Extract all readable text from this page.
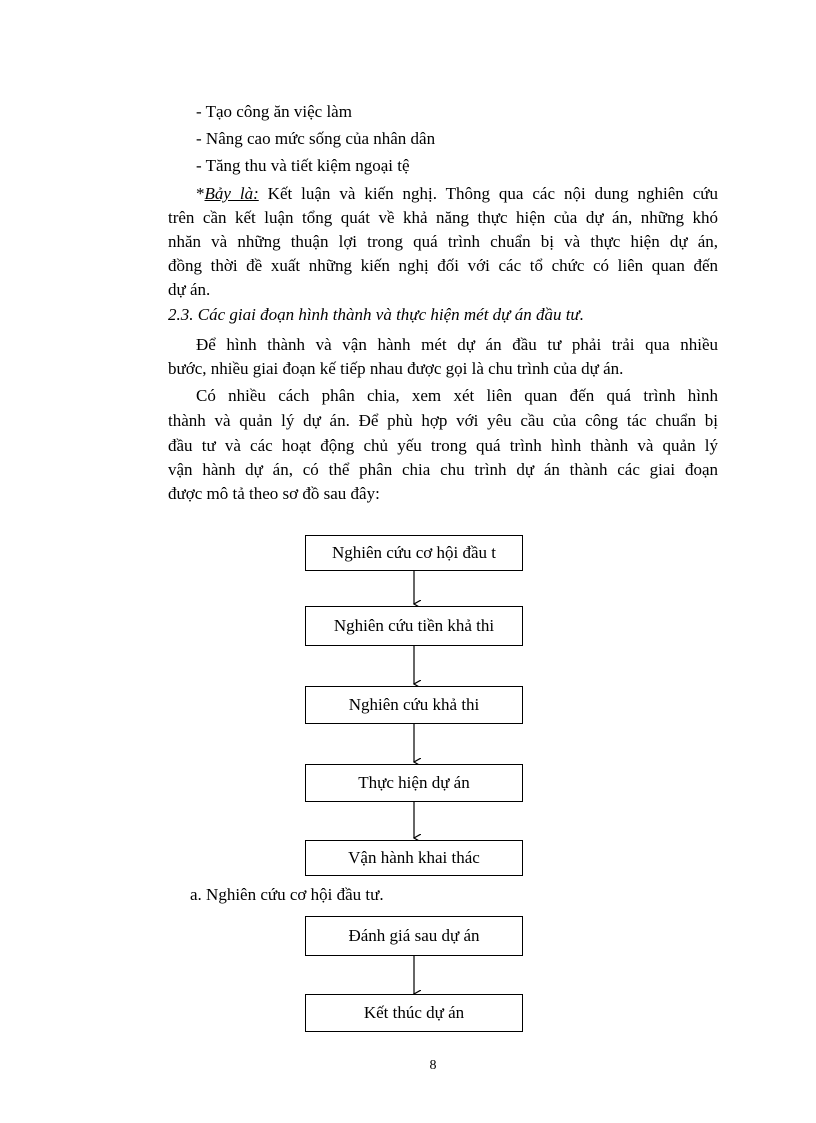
- Tạo công ăn việc làm
- Nâng cao mức sống của nhân dân
- Tăng thu và tiết kiệm ngoại tệ
*Bảy là: Kết luận và kiến nghị. Thông qua các nội dung nghiên cứu
trên cần kết luận tổng quát về khả năng thực hiện của dự án, những khó
nhăn và những thuận lợi trong quá trình chuẩn bị và thực hiện dự án,
đồng thời đề xuất những kiến nghị đối với các tổ chức có liên quan đến
dự án.
2.3. Các giai đoạn hình thành và thực hiện mét dự án đầu tư.
Để hình thành và vận hành mét dự án đầu tư phải trải qua nhiều
bước, nhiều giai đoạn kế tiếp nhau được gọi là chu trình của dự án.
Có nhiều cách phân chia, xem xét liên quan đến quá trình hình
thành và quản lý dự án. Để phù hợp với yêu cầu của công tác chuẩn bị
đầu tư và các hoạt động chủ yếu trong quá trình hình thành và quản lý
vận hành dự án, có thể phân chia chu trình dự án thành các giai đoạn
được mô tả theo sơ đồ sau đây:
Nghiên cứu cơ hội đầu t
Nghiên cứu tiền khả thi
Nghiên cứu khả thi
Thực hiện dự án
Vận hành khai thác
a. Nghiên cứu cơ hội đầu tư.
Đánh giá sau dự án
Kết thúc dự án
8
